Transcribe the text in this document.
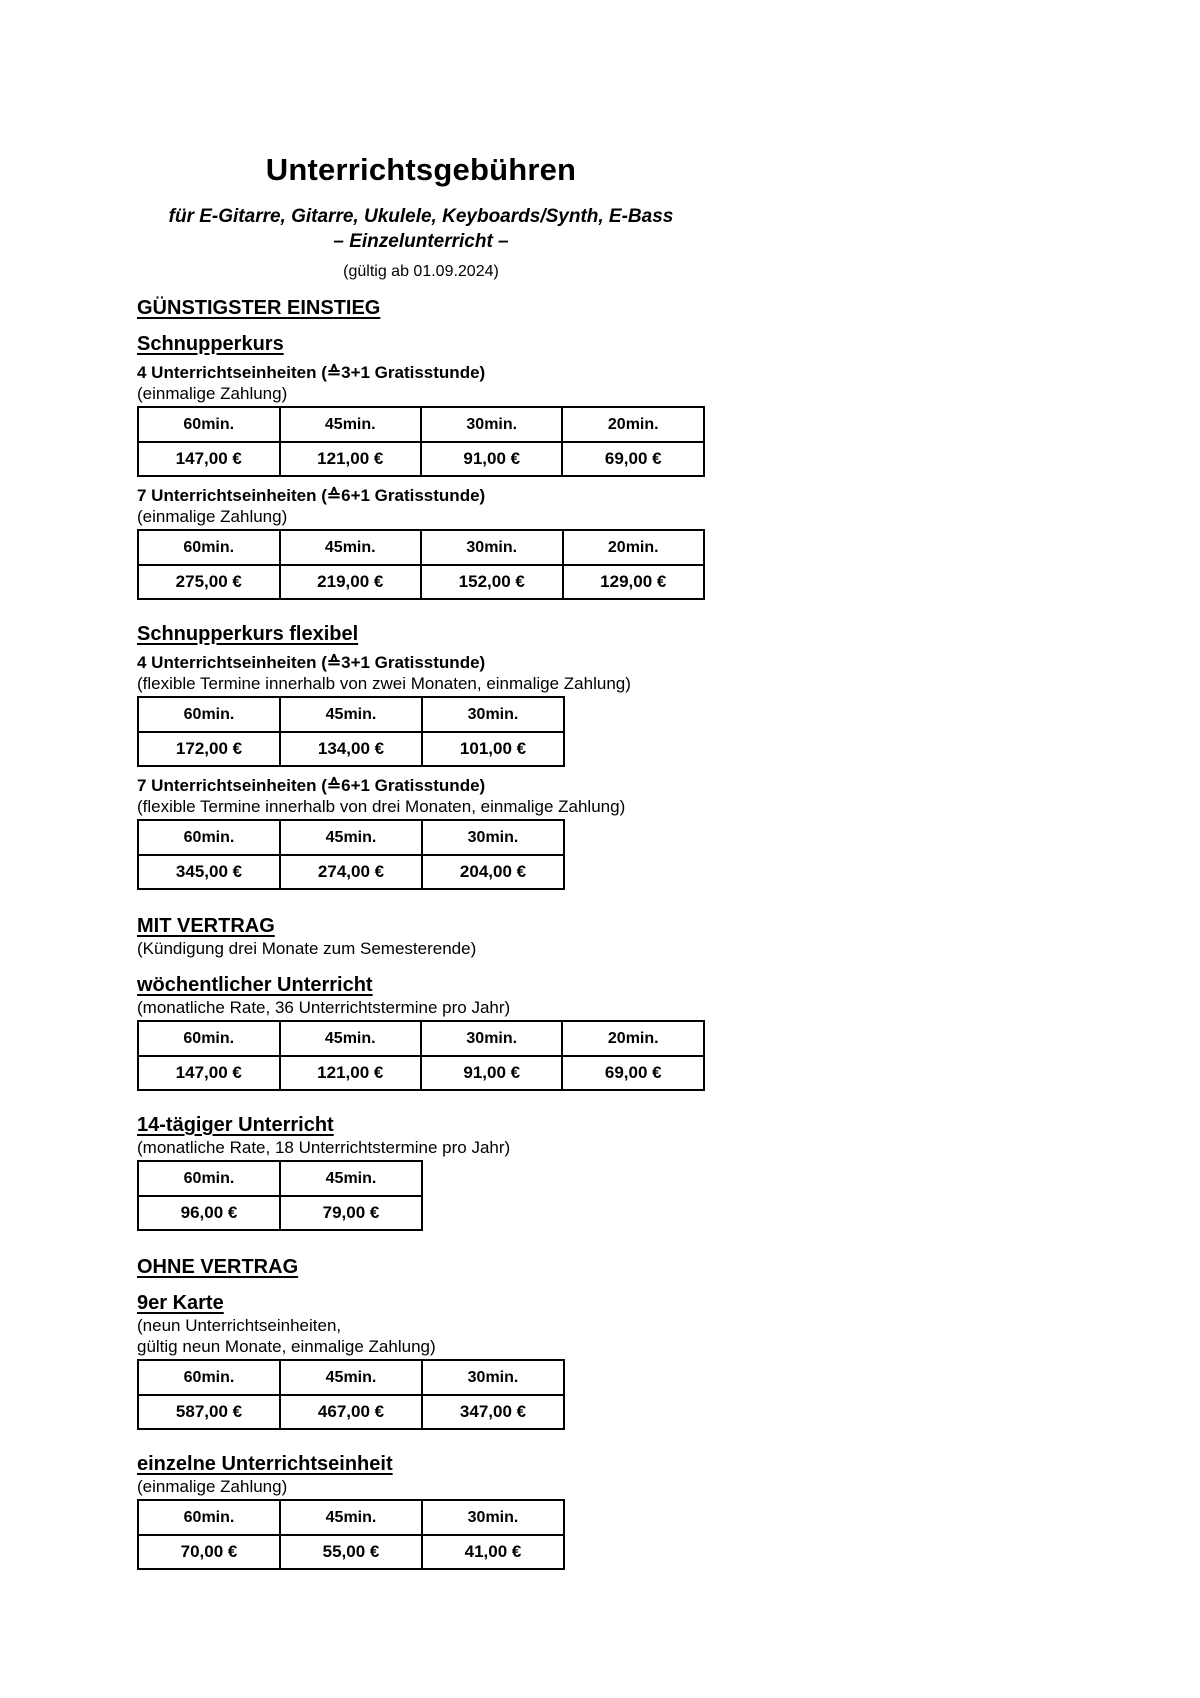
Unterrichtsgebühren

für E-Gitarre, Gitarre, Ukulele, Keyboards/Synth, E-Bass

– Einzelunterricht –

(gültig ab 01.09.2024)

GÜNSTIGSTER EINSTIEG
Schnupperkurs

4 Unterrichtseinheiten (≙3+1 Gratisstunde)

(einmalige Zahlung)

60min.	45min.	30min.	20min.
147,00 €	121,00 €	91,00 €	69,00 €

7 Unterrichtseinheiten (≙6+1 Gratisstunde)

(einmalige Zahlung)

60min.	45min.	30min.	20min.
275,00 €	219,00 €	152,00 €	129,00 €
Schnupperkurs flexibel

4 Unterrichtseinheiten (≙3+1 Gratisstunde)

(flexible Termine innerhalb von zwei Monaten, einmalige Zahlung)

60min.	45min.	30min.
172,00 €	134,00 €	101,00 €

7 Unterrichtseinheiten (≙6+1 Gratisstunde)

(flexible Termine innerhalb von drei Monaten, einmalige Zahlung)

60min.	45min.	30min.
345,00 €	274,00 €	204,00 €
MIT VERTRAG

(Kündigung drei Monate zum Semesterende)

wöchentlicher Unterricht

(monatliche Rate, 36 Unterrichtstermine pro Jahr)

60min.	45min.	30min.	20min.
147,00 €	121,00 €	91,00 €	69,00 €
14-tägiger Unterricht

(monatliche Rate, 18 Unterrichtstermine pro Jahr)

60min.	45min.
96,00 €	79,00 €
OHNE VERTRAG
9er Karte

(neun Unterrichtseinheiten,

gültig neun Monate, einmalige Zahlung)

60min.	45min.	30min.
587,00 €	467,00 €	347,00 €
einzelne Unterrichtseinheit

(einmalige Zahlung)

60min.	45min.	30min.
70,00 €	55,00 €	41,00 €
